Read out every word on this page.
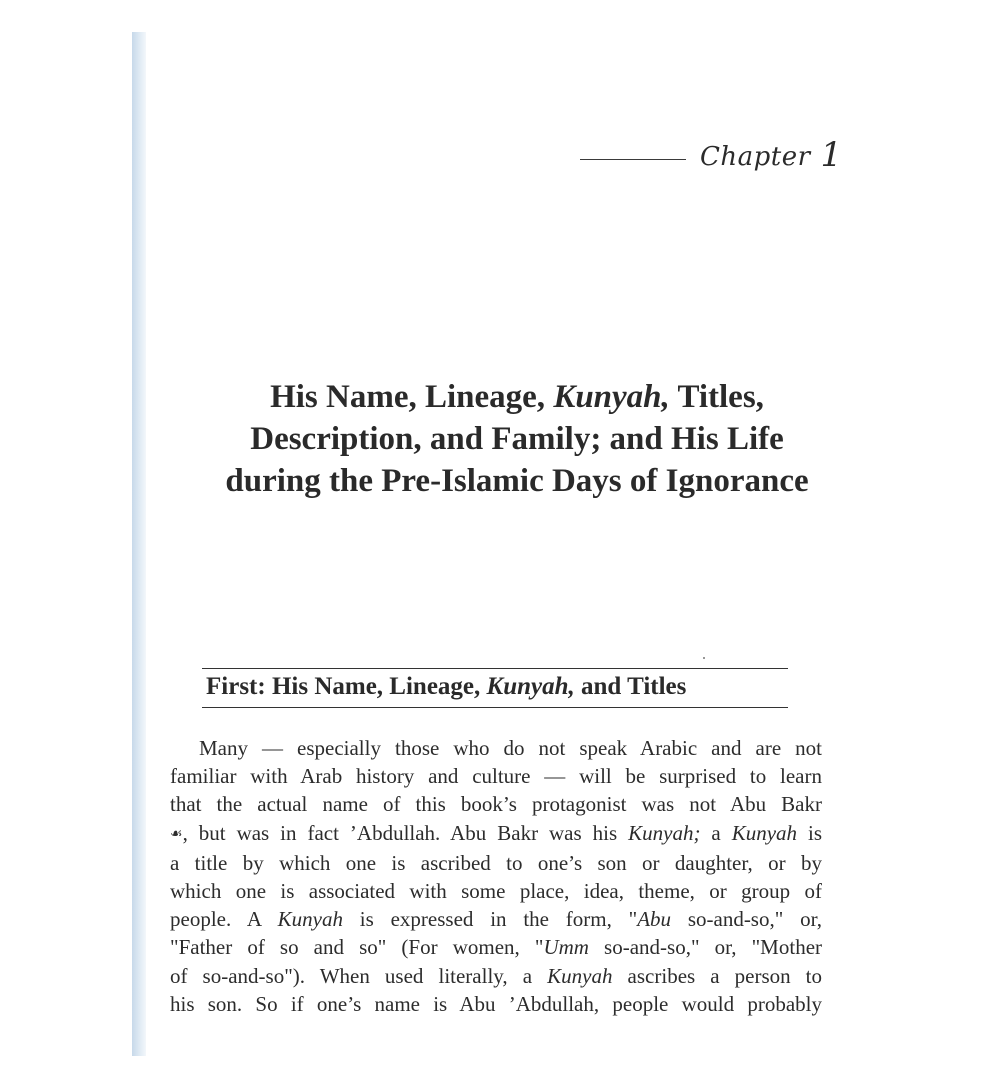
Chapter 1
His Name, Lineage, Kunyah, Titles,
Description, and Family; and His Life
during the Pre-Islamic Days of Ignorance
First: His Name, Lineage, Kunyah, and Titles
Many — especially those who do not speak Arabic and are not
familiar with Arab history and culture — will be surprised to learn
that the actual name of this book’s protagonist was not Abu Bakr
☙, but was in fact ’Abdullah. Abu Bakr was his Kunyah; a Kunyah is
a title by which one is ascribed to one’s son or daughter, or by
which one is associated with some place, idea, theme, or group of
people. A Kunyah is expressed in the form, "Abu so-and-so," or,
"Father of so and so" (For women, "Umm so-and-so," or, "Mother
of so-and-so"). When used literally, a Kunyah ascribes a person to
his son. So if one’s name is Abu ’Abdullah, people would probably
